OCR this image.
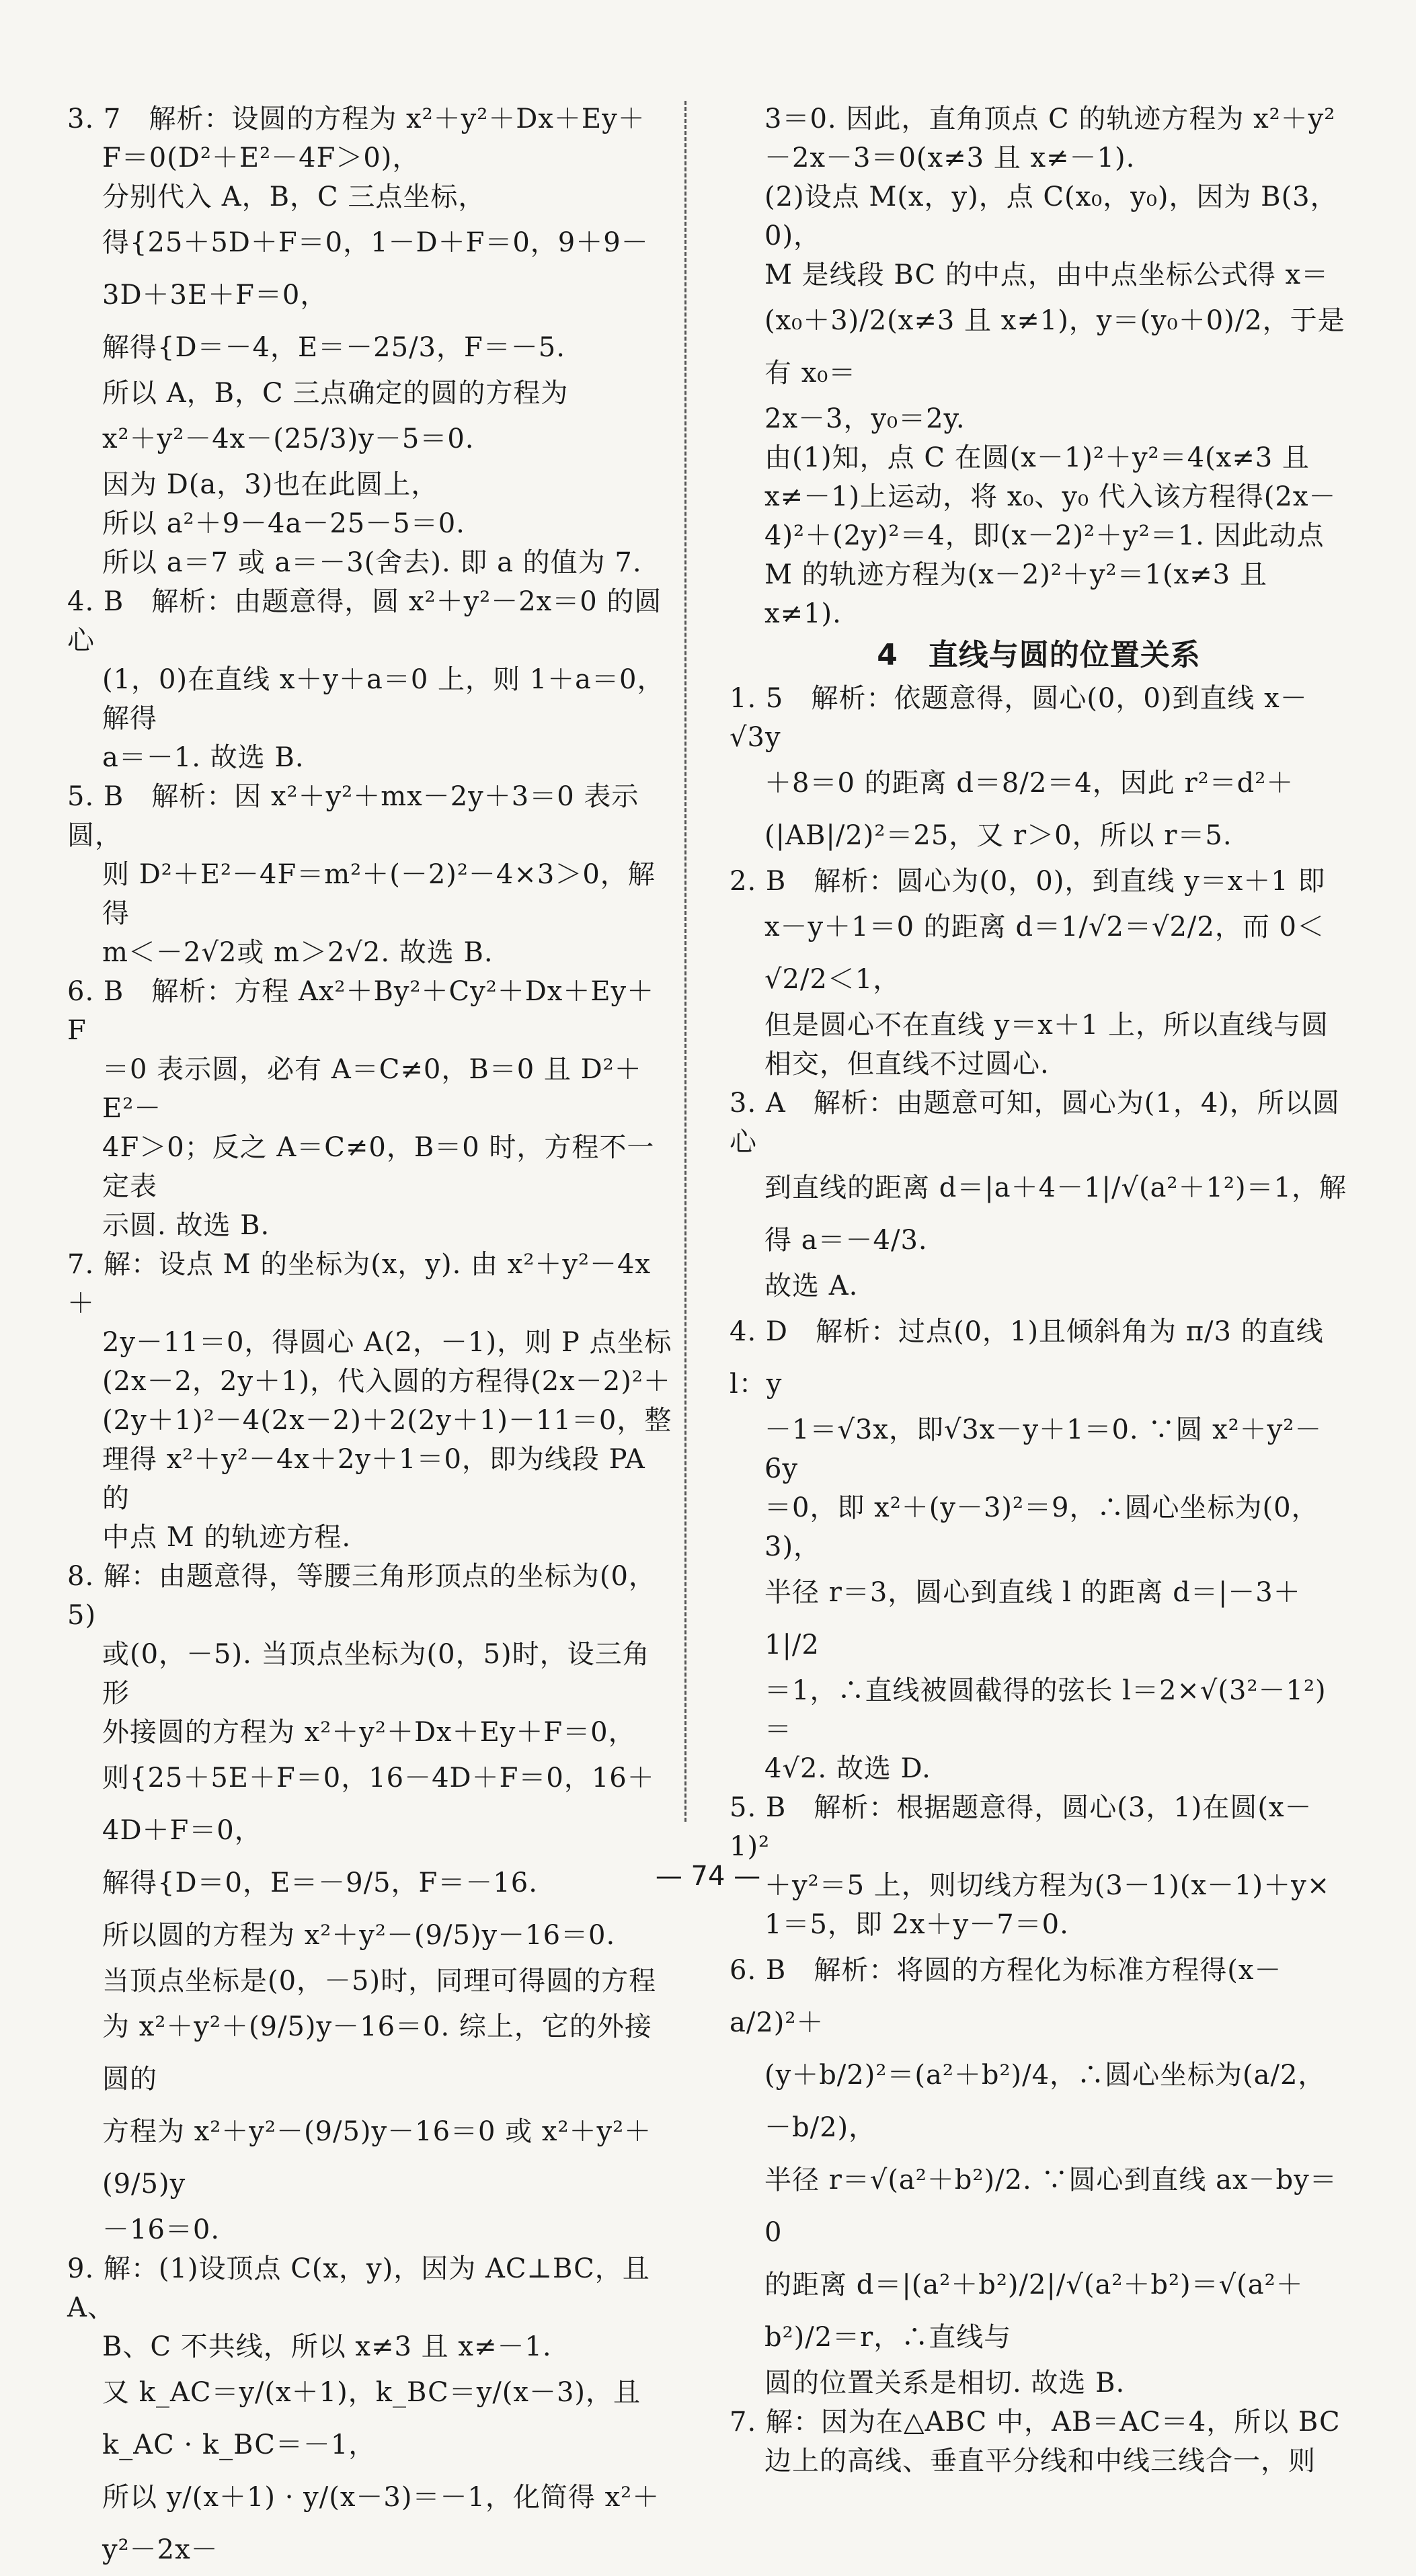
3. 7　解析：设圆的方程为 x²＋y²＋Dx＋Ey＋

F＝0(D²＋E²－4F＞0)，

分别代入 A，B，C 三点坐标，

得{25＋5D＋F＝0，1－D＋F＝0，9＋9－3D＋3E＋F＝0，

解得{D＝－4，E＝－25/3，F＝－5.

所以 A，B，C 三点确定的圆的方程为

x²＋y²－4x－(25/3)y－5＝0.

因为 D(a，3)也在此圆上，

所以 a²＋9－4a－25－5＝0.

所以 a＝7 或 a＝－3(舍去). 即 a 的值为 7.

4. B　解析：由题意得，圆 x²＋y²－2x＝0 的圆心

(1，0)在直线 x＋y＋a＝0 上，则 1＋a＝0，解得

a＝－1. 故选 B.

5. B　解析：因 x²＋y²＋mx－2y＋3＝0 表示圆，

则 D²＋E²－4F＝m²＋(－2)²－4×3＞0，解得

m＜－2√2或 m＞2√2. 故选 B.

6. B　解析：方程 Ax²＋By²＋Cy²＋Dx＋Ey＋F

＝0 表示圆，必有 A＝C≠0，B＝0 且 D²＋E²－

4F＞0；反之 A＝C≠0，B＝0 时，方程不一定表

示圆. 故选 B.

7. 解：设点 M 的坐标为(x，y). 由 x²＋y²－4x＋

2y－11＝0，得圆心 A(2，－1)，则 P 点坐标

(2x－2，2y＋1)，代入圆的方程得(2x－2)²＋

(2y＋1)²－4(2x－2)＋2(2y＋1)－11＝0，整

理得 x²＋y²－4x＋2y＋1＝0，即为线段 PA 的

中点 M 的轨迹方程.

8. 解：由题意得，等腰三角形顶点的坐标为(0，5)

或(0，－5). 当顶点坐标为(0，5)时，设三角形

外接圆的方程为 x²＋y²＋Dx＋Ey＋F＝0，

则{25＋5E＋F＝0，16－4D＋F＝0，16＋4D＋F＝0，

解得{D＝0，E＝－9/5，F＝－16.

所以圆的方程为 x²＋y²－(9/5)y－16＝0.

当顶点坐标是(0，－5)时，同理可得圆的方程

为 x²＋y²＋(9/5)y－16＝0. 综上，它的外接圆的

方程为 x²＋y²－(9/5)y－16＝0 或 x²＋y²＋(9/5)y

－16＝0.

9. 解：(1)设顶点 C(x，y)，因为 AC⊥BC，且 A、

B、C 不共线，所以 x≠3 且 x≠－1.

又 k_AC＝y/(x＋1)，k_BC＝y/(x－3)，且 k_AC · k_BC＝－1，

所以 y/(x＋1) · y/(x－3)＝－1，化简得 x²＋y²－2x－

3＝0. 因此，直角顶点 C 的轨迹方程为 x²＋y²

－2x－3＝0(x≠3 且 x≠－1).

(2)设点 M(x，y)，点 C(x₀，y₀)，因为 B(3，0)，

M 是线段 BC 的中点，由中点坐标公式得 x＝

(x₀＋3)/2(x≠3 且 x≠1)，y＝(y₀＋0)/2，于是有 x₀＝

2x－3，y₀＝2y.

由(1)知，点 C 在圆(x－1)²＋y²＝4(x≠3 且

x≠－1)上运动，将 x₀、y₀ 代入该方程得(2x－

4)²＋(2y)²＝4，即(x－2)²＋y²＝1. 因此动点

M 的轨迹方程为(x－2)²＋y²＝1(x≠3 且 x≠1).

4　直线与圆的位置关系

1. 5　解析：依题意得，圆心(0，0)到直线 x－√3y

＋8＝0 的距离 d＝8/2＝4，因此 r²＝d²＋

(|AB|/2)²＝25，又 r＞0，所以 r＝5.

2. B　解析：圆心为(0，0)，到直线 y＝x＋1 即

x－y＋1＝0 的距离 d＝1/√2＝√2/2，而 0＜√2/2＜1，

但是圆心不在直线 y＝x＋1 上，所以直线与圆

相交，但直线不过圆心.

3. A　解析：由题意可知，圆心为(1，4)，所以圆心

到直线的距离 d＝|a＋4－1|/√(a²＋1²)＝1，解得 a＝－4/3.

故选 A.

4. D　解析：过点(0，1)且倾斜角为 π/3 的直线 l：y

－1＝√3x，即√3x－y＋1＝0. ∵圆 x²＋y²－6y

＝0，即 x²＋(y－3)²＝9，∴圆心坐标为(0，3)，

半径 r＝3，圆心到直线 l 的距离 d＝|－3＋1|/2

＝1，∴直线被圆截得的弦长 l＝2×√(3²－1²)＝

4√2. 故选 D.

5. B　解析：根据题意得，圆心(3，1)在圆(x－1)²

＋y²＝5 上，则切线方程为(3－1)(x－1)＋y×

1＝5，即 2x＋y－7＝0.

6. B　解析：将圆的方程化为标准方程得(x－a/2)²＋

(y＋b/2)²＝(a²＋b²)/4，∴圆心坐标为(a/2，－b/2)，

半径 r＝√(a²＋b²)/2. ∵圆心到直线 ax－by＝0

的距离 d＝|(a²＋b²)/2|/√(a²＋b²)＝√(a²＋b²)/2＝r，∴直线与

圆的位置关系是相切. 故选 B.

7. 解：因为在△ABC 中，AB＝AC＝4，所以 BC

边上的高线、垂直平分线和中线三线合一，则

— 74 —
